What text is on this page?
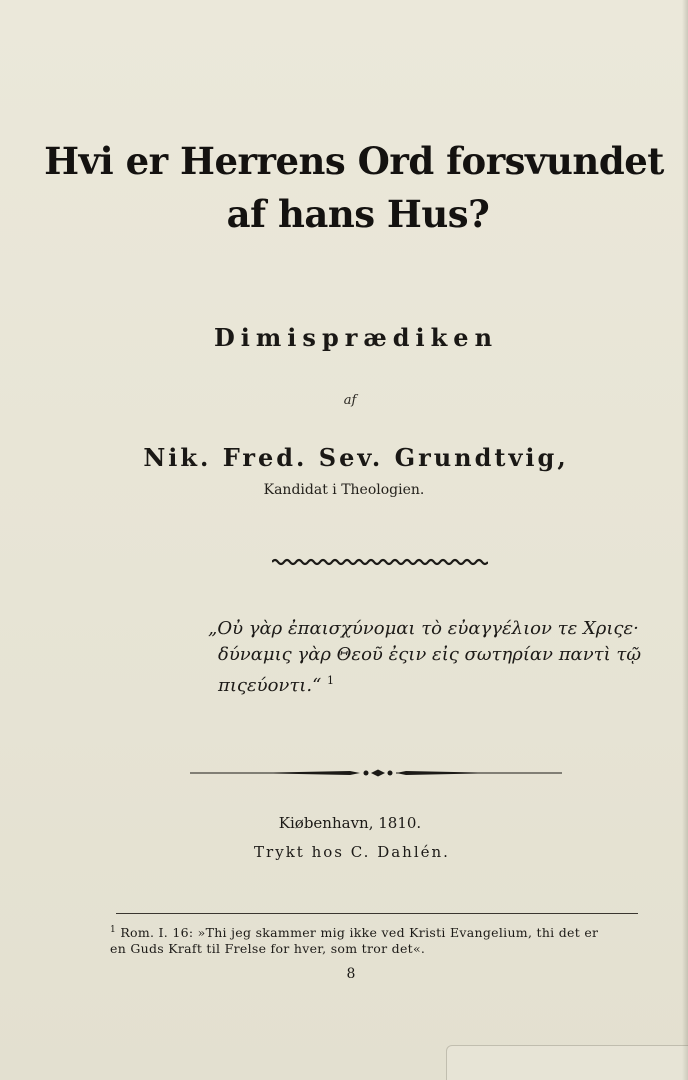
Hvi er Herrens Ord forsvundet
af hans Hus?
Dimisprædiken
af
Nik. Fred. Sev. Grundtvig,
Kandidat i Theologien.
„Οὐ γὰρ ἐπαισχύνομαι τὸ εὐαγγέλιον τε Χριςε·
δύναμις γὰρ Θεοῦ ἐςιν εἰς σωτηρίαν παντὶ τῷ
πιςεύοντι.“ $^1$
Kiøbenhavn, 1810.
Trykt hos C. Dahlén.
$^1$ Rom. I. 16: »Thi jeg skammer mig ikke ved Kristi Evangelium, thi det er
en Guds Kraft til Frelse for hver, som tror det«.
8
